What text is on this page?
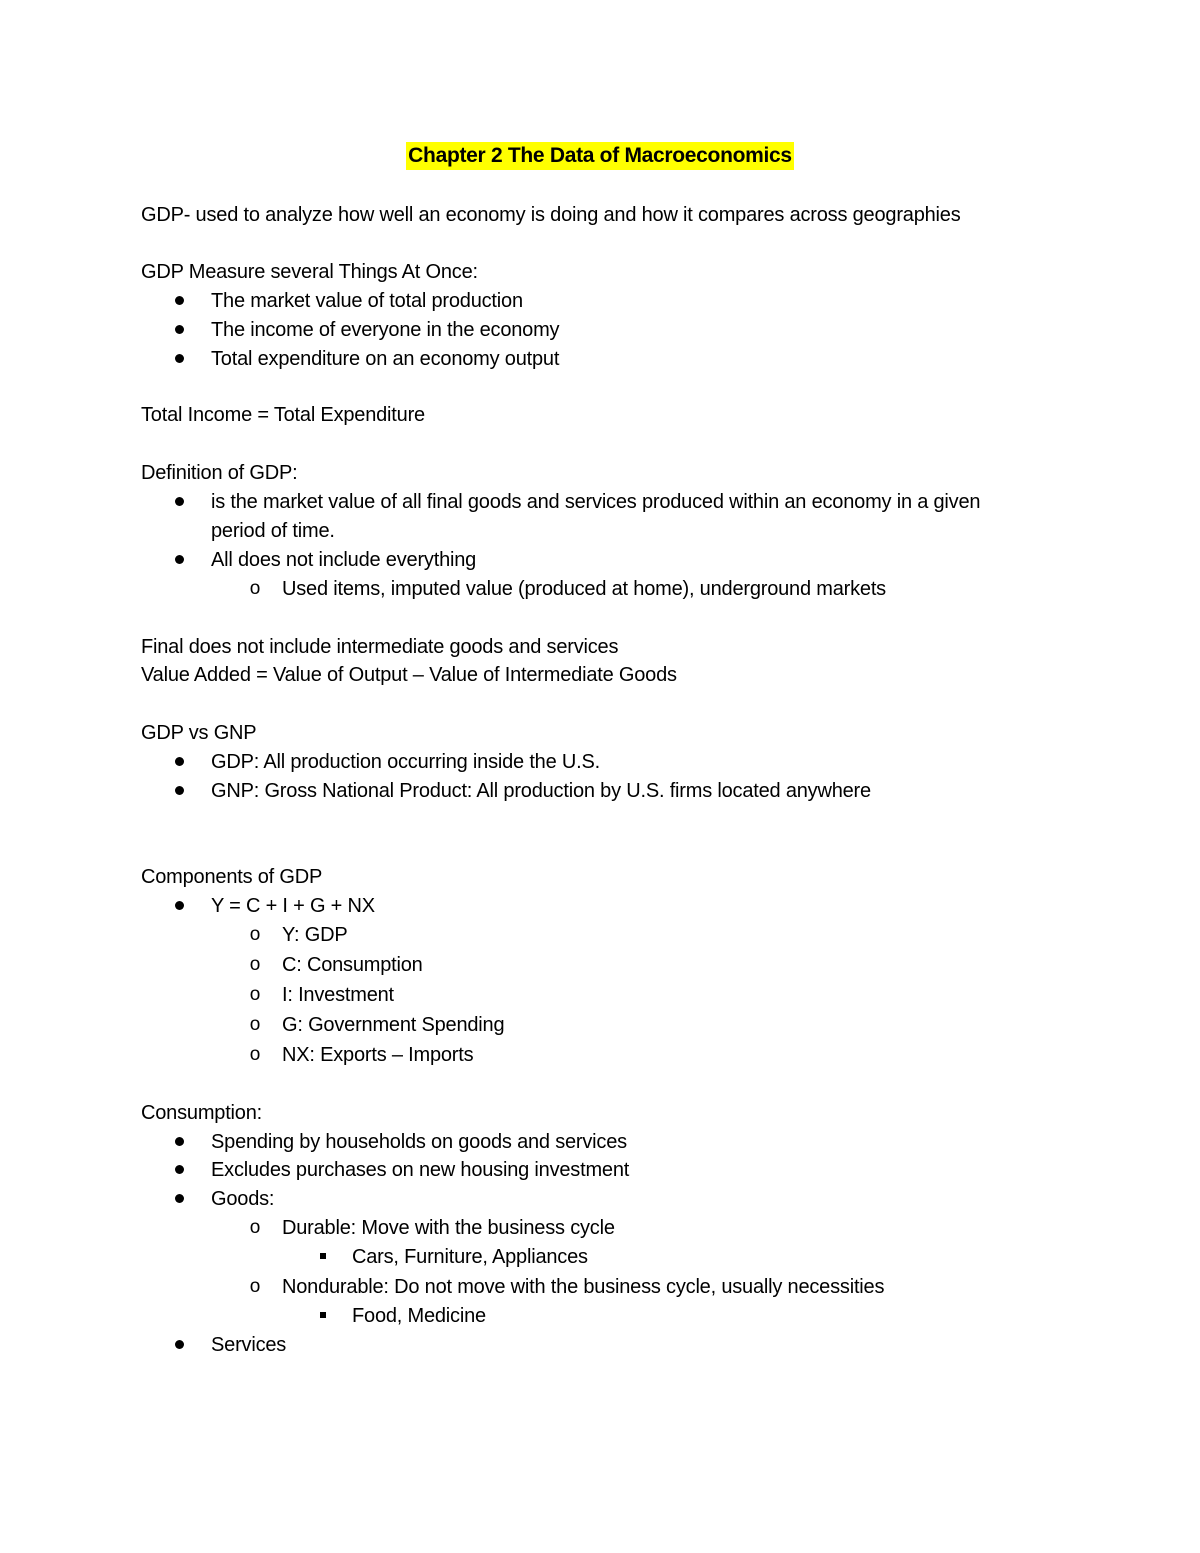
Chapter 2 The Data of Macroeconomics
GDP- used to analyze how well an economy is doing and how it compares across geographies
GDP Measure several Things At Once:
The market value of total production
The income of everyone in the economy
Total expenditure on an economy output
Total Income = Total Expenditure
Definition of GDP:
is the market value of all final goods and services produced within an economy in a given
period of time.
All does not include everything
o Used items, imputed value (produced at home), underground markets
Final does not include intermediate goods and services
Value Added = Value of Output – Value of Intermediate Goods
GDP vs GNP
GDP: All production occurring inside the U.S.
GNP: Gross National Product: All production by U.S. firms located anywhere
Components of GDP
Y = C + I + G + NX
o Y: GDP
o C: Consumption
o I: Investment
o G: Government Spending
o NX: Exports – Imports
Consumption:
Spending by households on goods and services
Excludes purchases on new housing investment
Goods:
o Durable: Move with the business cycle
Cars, Furniture, Appliances
o Nondurable: Do not move with the business cycle, usually necessities
Food, Medicine
Services
